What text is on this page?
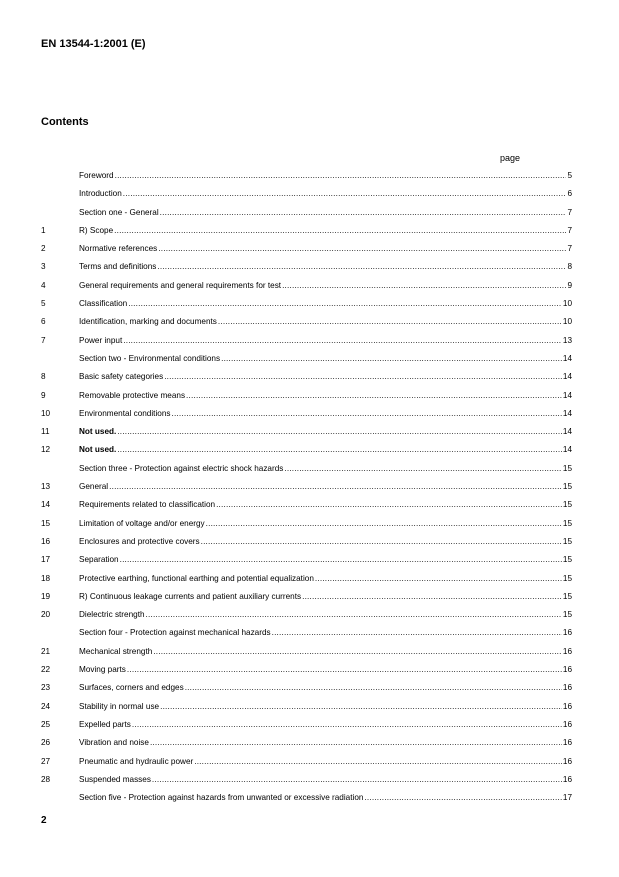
EN 13544-1:2001 (E)
Contents
page
Foreword .....	5
Introduction .....	6
Section one - General .....	7
1	R) Scope .....	7
2	Normative references .....	7
3	Terms and definitions .....	8
4	General requirements and general requirements for test .....	9
5	Classification .....	10
6	Identification, marking and documents .....	10
7	Power input .....	13
Section two - Environmental conditions .....	14
8	Basic safety categories .....	14
9	Removable protective means .....	14
10	Environmental conditions .....	14
11	Not used. .....	14
12	Not used. .....	14
Section three - Protection against electric shock hazards .....	15
13	General .....	15
14	Requirements related to classification .....	15
15	Limitation of voltage and/or energy .....	15
16	Enclosures and protective covers .....	15
17	Separation .....	15
18	Protective earthing, functional earthing and potential equalization .....	15
19	R) Continuous leakage currents and patient auxiliary currents .....	15
20	Dielectric strength .....	15
Section four - Protection against mechanical hazards .....	16
21	Mechanical strength .....	16
22	Moving parts .....	16
23	Surfaces, corners and edges .....	16
24	Stability in normal use .....	16
25	Expelled parts .....	16
26	Vibration and noise .....	16
27	Pneumatic and hydraulic power .....	16
28	Suspended masses .....	16
Section five - Protection against hazards from unwanted or excessive radiation .....	17
2
